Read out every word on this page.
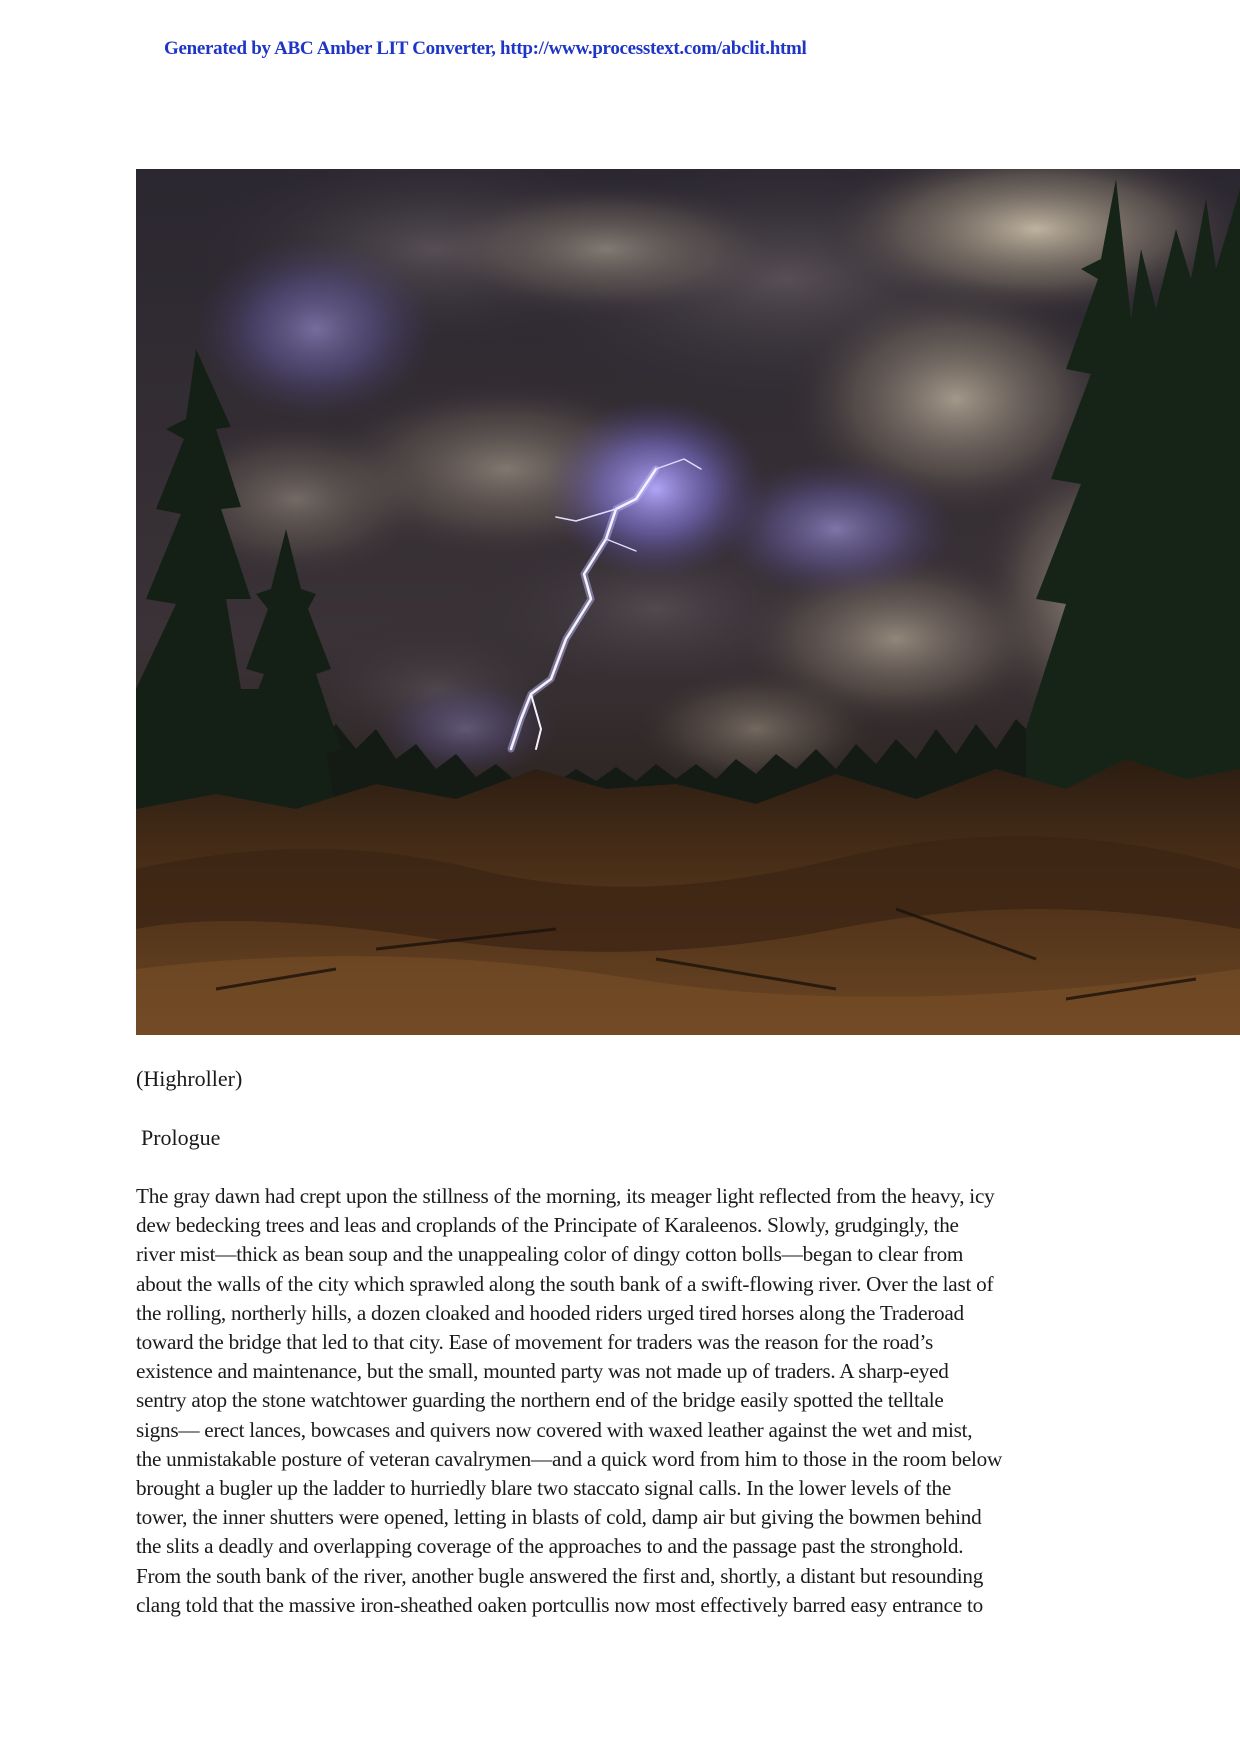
Generated by ABC Amber LIT Converter, http://www.processtext.com/abclit.html
(Highroller)
Prologue

The gray dawn had crept upon the stillness of the morning, its meager light reflected from the heavy, icy
dew bedecking trees and leas and croplands of the Principate of Karaleenos. Slowly, grudgingly, the
river mist—thick as bean soup and the unappealing color of dingy cotton bolls—began to clear from
about the walls of the city which sprawled along the south bank of a swift-flowing river. Over the last of
the rolling, northerly hills, a dozen cloaked and hooded riders urged tired horses along the Traderoad
toward the bridge that led to that city. Ease of movement for traders was the reason for the road’s
existence and maintenance, but the small, mounted party was not made up of traders. A sharp-eyed
sentry atop the stone watchtower guarding the northern end of the bridge easily spotted the telltale
signs— erect lances, bowcases and quivers now covered with waxed leather against the wet and mist,
the unmistakable posture of veteran cavalrymen—and a quick word from him to those in the room below
brought a bugler up the ladder to hurriedly blare two staccato signal calls. In the lower levels of the
tower, the inner shutters were opened, letting in blasts of cold, damp air but giving the bowmen behind
the slits a deadly and overlapping coverage of the approaches to and the passage past the stronghold.
From the south bank of the river, another bugle answered the first and, shortly, a distant but resounding
clang told that the massive iron-sheathed oaken portcullis now most effectively barred easy entrance to
